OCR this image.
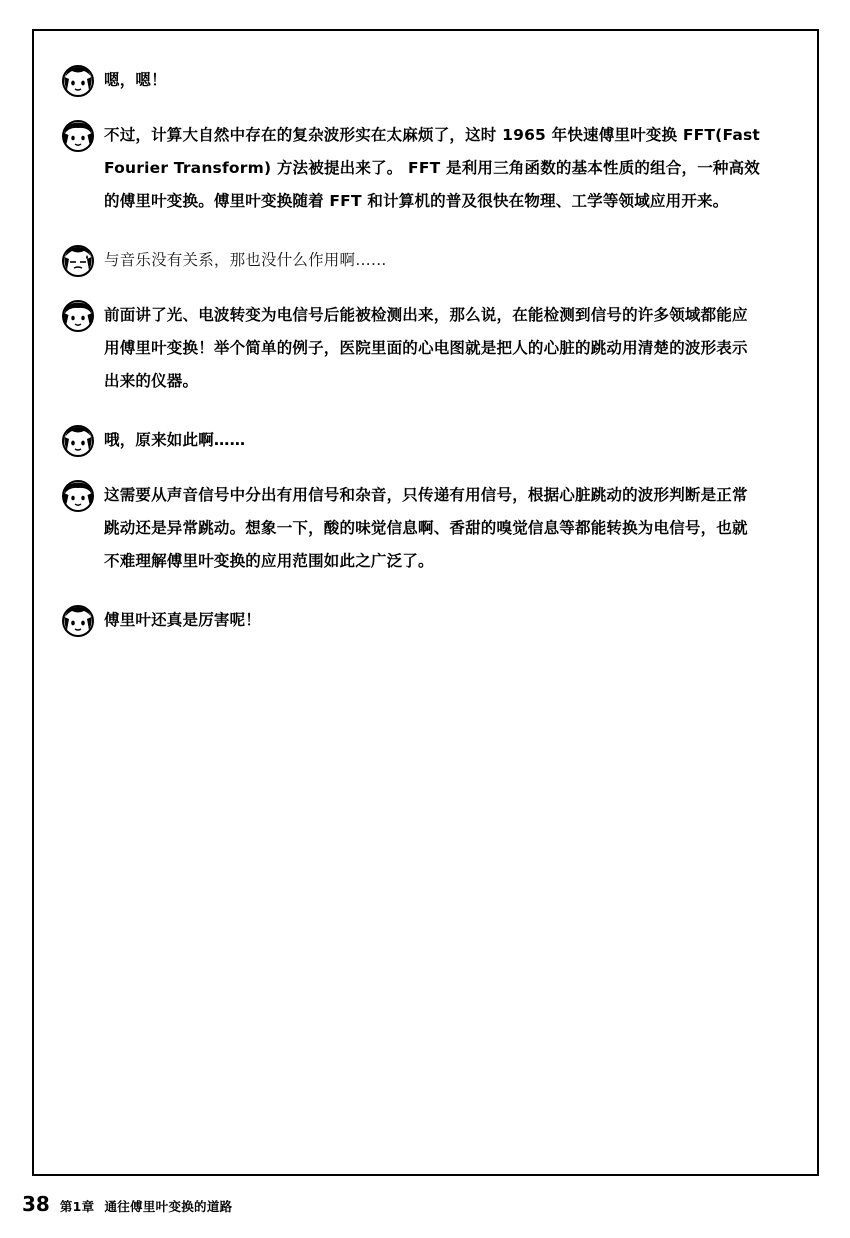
嗯，嗯！
不过，计算大自然中存在的复杂波形实在太麻烦了，这时 1965 年快速傅里叶变换 FFT(Fast Fourier Transform) 方法被提出来了。 FFT 是利用三角函数的基本性质的组合，一种高效的傅里叶变换。傅里叶变换随着 FFT 和计算机的普及很快在物理、工学等领域应用开来。
与音乐没有关系，那也没什么作用啊……
前面讲了光、电波转变为电信号后能被检测出来，那么说，在能检测到信号的许多领域都能应用傅里叶变换！举个简单的例子，医院里面的心电图就是把人的心脏的跳动用清楚的波形表示出来的仪器。
哦，原来如此啊……
这需要从声音信号中分出有用信号和杂音，只传递有用信号，根据心脏跳动的波形判断是正常跳动还是异常跳动。想象一下，酸的味觉信息啊、香甜的嗅觉信息等都能转换为电信号，也就不难理解傅里叶变换的应用范围如此之广泛了。
傅里叶还真是厉害呢！
38 第1章 通往傅里叶变换的道路
